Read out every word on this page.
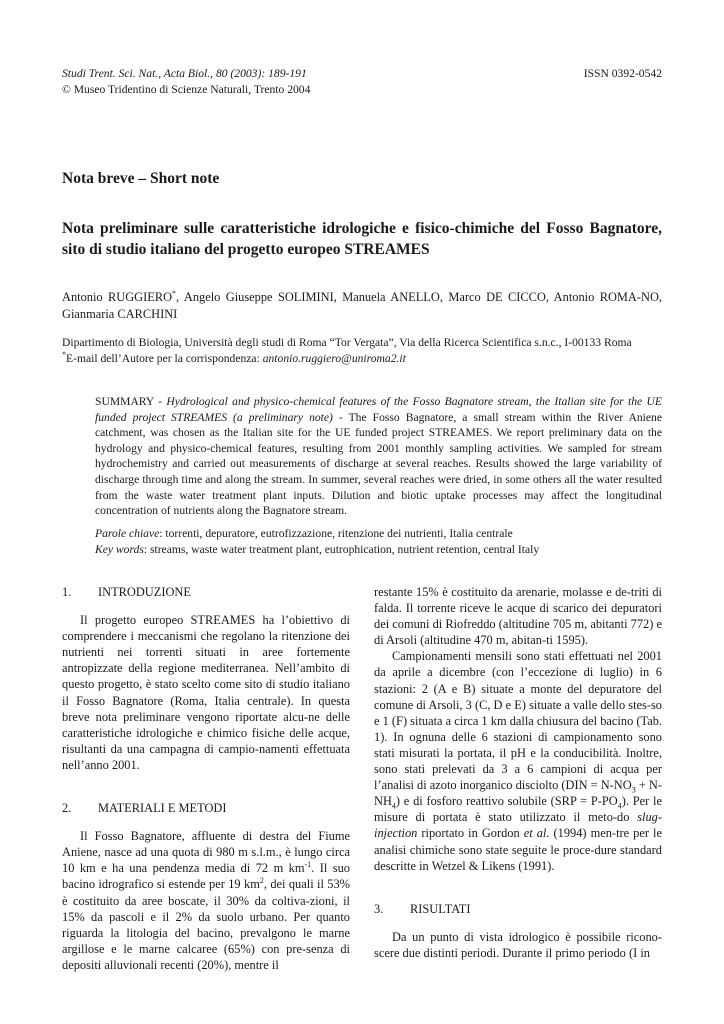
Studi Trent. Sci. Nat., Acta Biol., 80 (2003): 189-191	ISSN 0392-0542
© Museo Tridentino di Scienze Naturali, Trento 2004
Nota breve – Short note
Nota preliminare sulle caratteristiche idrologiche e fisico-chimiche del Fosso Bagnatore, sito di studio italiano del progetto europeo STREAMES
Antonio RUGGIERO*, Angelo Giuseppe SOLIMINI, Manuela ANELLO, Marco DE CICCO, Antonio ROMA-NO, Gianmaria CARCHINI
Dipartimento di Biologia, Università degli studi di Roma “Tor Vergata”, Via della Ricerca Scientifica s.n.c., I-00133 Roma
*E-mail dell’Autore per la corrispondenza: antonio.ruggiero@uniroma2.it
SUMMARY - Hydrological and physico-chemical features of the Fosso Bagnatore stream, the Italian site for the UE funded project STREAMES (a preliminary note) - The Fosso Bagnatore, a small stream within the River Aniene catchment, was chosen as the Italian site for the UE funded project STREAMES. We report preliminary data on the hydrology and physico-chemical features, resulting from 2001 monthly sampling activities. We sampled for stream hydrochemistry and carried out measurements of discharge at several reaches. Results showed the large variability of discharge through time and along the stream. In summer, several reaches were dried, in some others all the water resulted from the waste water treatment plant inputs. Dilution and biotic uptake processes may affect the longitudinal concentration of nutrients along the Bagnatore stream.
Parole chiave: torrenti, depuratore, eutrofizzazione, ritenzione dei nutrienti, Italia centrale
Key words: streams, waste water treatment plant, eutrophication, nutrient retention, central Italy
1.	INTRODUZIONE

Il progetto europeo STREAMES ha l’obiettivo di comprendere i meccanismi che regolano la ritenzione dei nutrienti nei torrenti situati in aree fortemente antropizzate della regione mediterranea. Nell’ambito di questo progetto, è stato scelto come sito di studio italiano il Fosso Bagnatore (Roma, Italia centrale). In questa breve nota preliminare vengono riportate alcu-ne delle caratteristiche idrologiche e chimico fisiche delle acque, risultanti da una campagna di campio-namenti effettuata nell’anno 2001.

2.	MATERIALI E METODI

Il Fosso Bagnatore, affluente di destra del Fiume Aniene, nasce ad una quota di 980 m s.l.m., è lungo circa 10 km e ha una pendenza media di 72 m $km^{-1}$. Il suo bacino idrografico si estende per 19 $km^2$, dei quali il 53% è costituito da aree boscate, il 30% da coltiva-zioni, il 15% da pascoli e il 2% da suolo urbano. Per quanto riguarda la litologia del bacino, prevalgono le marne argillose e le marne calcaree (65%) con pre-senza di depositi alluvionali recenti (20%), mentre il

restante 15% è costituito da arenarie, molasse e de-triti di falda. Il torrente riceve le acque di scarico dei depuratori dei comuni di Riofreddo (altitudine 705 m, abitanti 772) e di Arsoli (altitudine 470 m, abitan-ti 1595).

Campionamenti mensili sono stati effettuati nel 2001 da aprile a dicembre (con l’eccezione di luglio) in 6 stazioni: 2 (A e B) situate a monte del depuratore del comune di Arsoli, 3 (C, D e E) situate a valle dello stes-so e 1 (F) situata a circa 1 km dalla chiusura del bacino (Tab. 1). In ognuna delle 6 stazioni di campionamento sono stati misurati la portata, il pH e la conducibilità. Inoltre, sono stati prelevati da 3 a 6 campioni di acqua per l’analisi di azoto inorganico disciolto $(DIN = N-NO_3 + N-NH_4)$ e di fosforo reattivo solubile $(SRP = P-PO_4)$. Per le misure di portata è stato utilizzato il meto-do slug-injection riportato in Gordon et al. (1994) men-tre per le analisi chimiche sono state seguite le proce-dure standard descritte in Wetzel & Likens (1991).

3.	RISULTATI

Da un punto di vista idrologico è possibile ricono-scere due distinti periodi. Durante il primo periodo (I in
